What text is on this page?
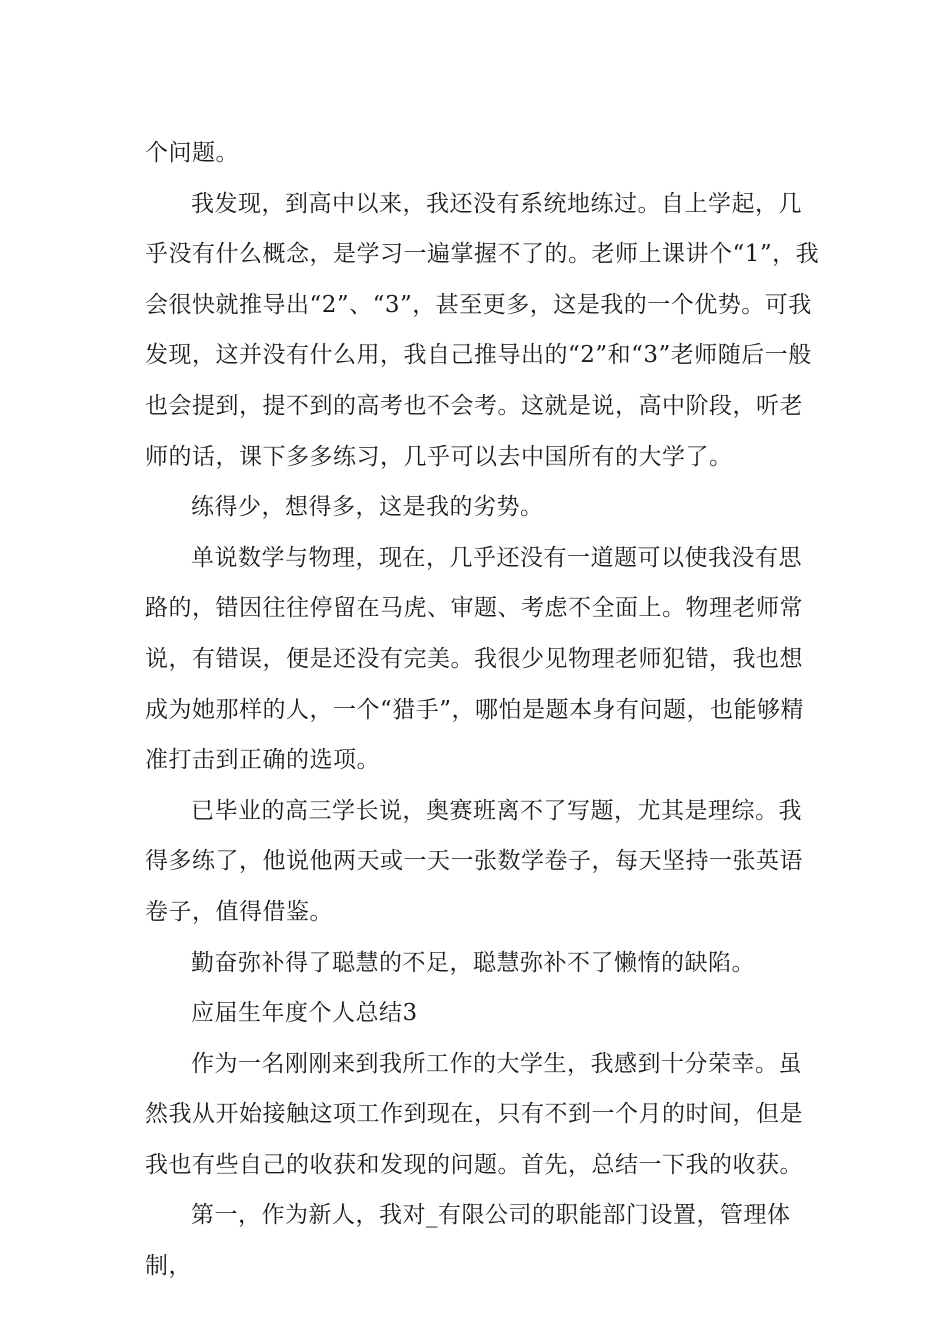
个问题。

我发现，到高中以来，我还没有系统地练过。自上学起，几乎没有什么概念，是学习一遍掌握不了的。老师上课讲个“1”，我会很快就推导出“2”、“3”，甚至更多，这是我的一个优势。可我发现，这并没有什么用，我自己推导出的“2”和“3”老师随后一般也会提到，提不到的高考也不会考。这就是说，高中阶段，听老师的话，课下多多练习，几乎可以去中国所有的大学了。

练得少，想得多，这是我的劣势。

单说数学与物理，现在，几乎还没有一道题可以使我没有思路的，错因往往停留在马虎、审题、考虑不全面上。物理老师常说，有错误，便是还没有完美。我很少见物理老师犯错，我也想成为她那样的人，一个“猎手”，哪怕是题本身有问题，也能够精准打击到正确的选项。

已毕业的高三学长说，奥赛班离不了写题，尤其是理综。我得多练了，他说他两天或一天一张数学卷子，每天坚持一张英语卷子，值得借鉴。

勤奋弥补得了聪慧的不足，聪慧弥补不了懒惰的缺陷。

应届生年度个人总结3

作为一名刚刚来到我所工作的大学生，我感到十分荣幸。虽然我从开始接触这项工作到现在，只有不到一个月的时间，但是我也有些自己的收获和发现的问题。首先，总结一下我的收获。

第一，作为新人，我对_有限公司的职能部门设置，管理体制，
